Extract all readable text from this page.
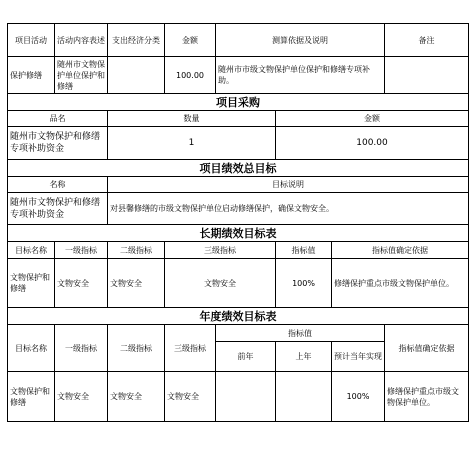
项目活动	活动内容表述	支出经济分类	金额	测算依据及说明			备注
保护修缮	随州市文物保护单位保护和修缮		100.00	随州市市级文物保护单位保护和修缮专项补助。			
项目采购							
品名		数量			金额		
随州市文物保护和修缮专项补助资金		1			100.00		
项目绩效总目标							
名称		目标说明					
随州市文物保护和修缮专项补助资金		对县馨修缮的市级文物保护单位启动修缮保护，确保文物安全。					
长期绩效目标表							
目标名称	一级指标	二级指标	三级指标		指标值	指标值确定依据	
文物保护和修缮	文物安全	文物安全	文物安全		100%	修缮保护重点市级文物保护单位。	
年度绩效目标表							
目标名称	一级指标	二级指标	三级指标	指标值			指标值确定依据
				前年	上年	预计当年实现	
文物保护和修缮	文物安全	文物安全	文物安全			100%	修缮保护重点市级文物保护单位。
